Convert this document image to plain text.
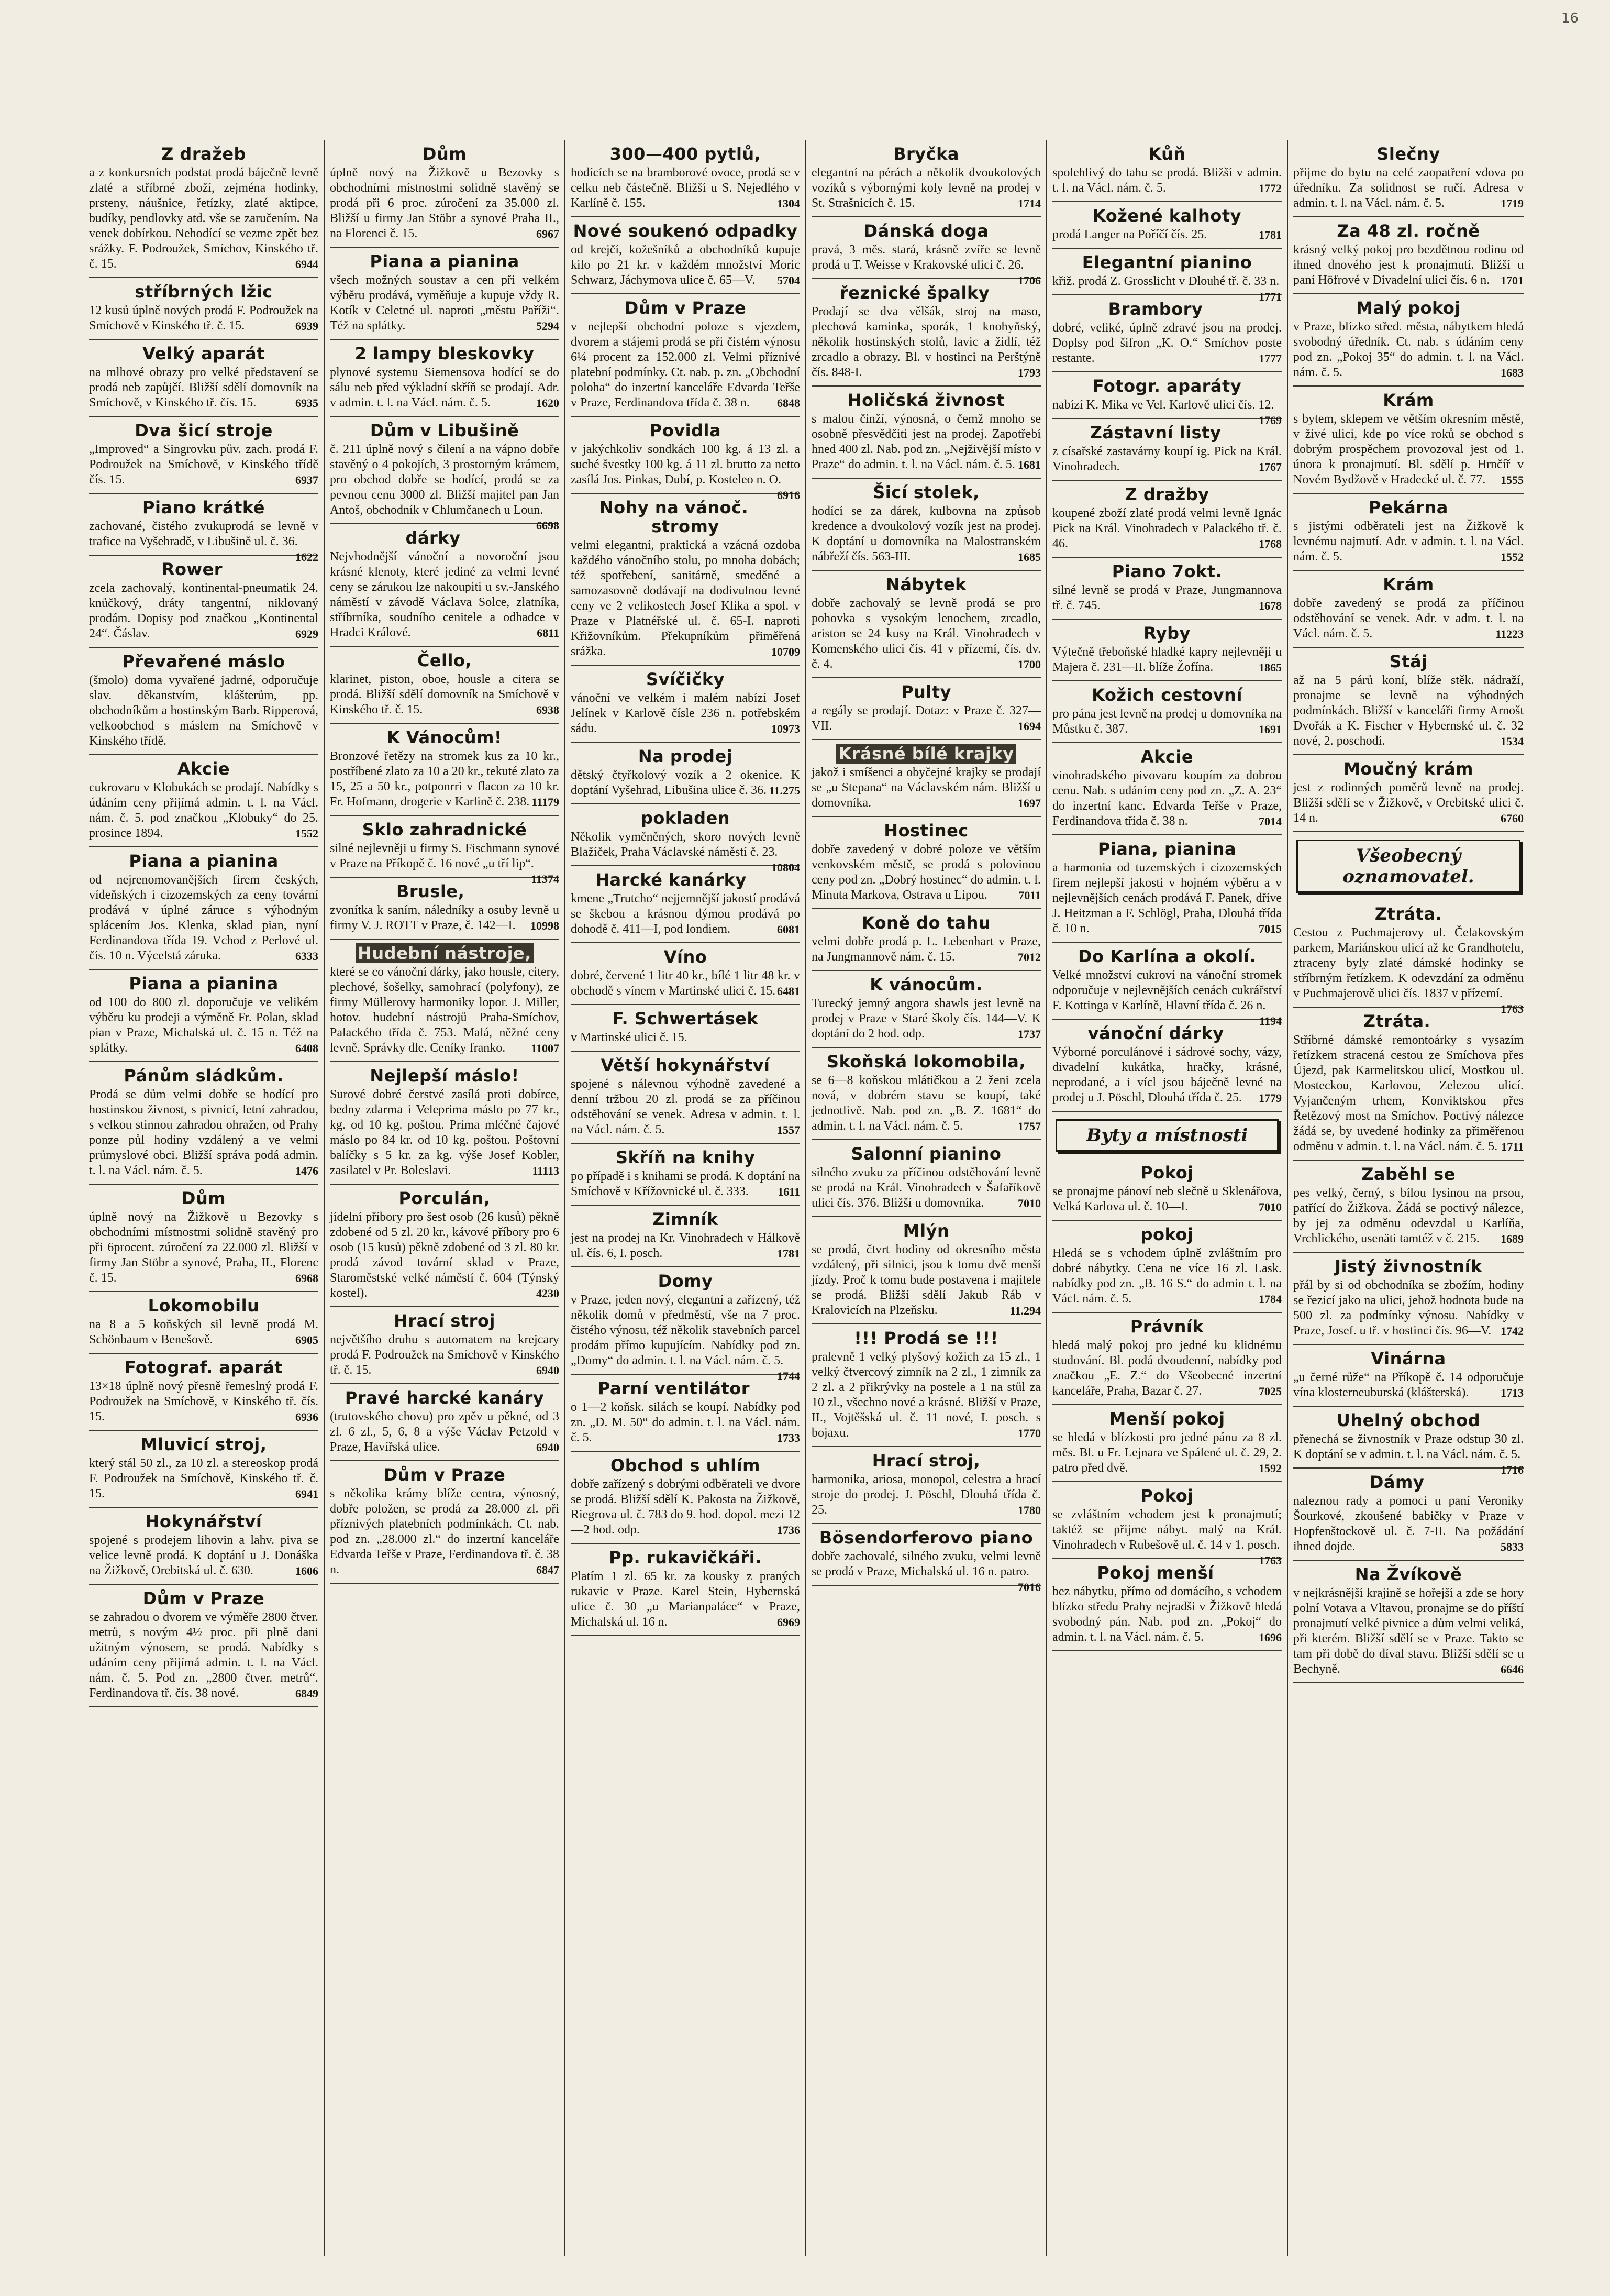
16
Z dražeb

a z konkursních podstat prodá báječně levně zlaté a stříbrné zboží, zejména hodinky, prsteny, náušnice, řetízky, zlaté aktipce, budíky, pendlovky atd. vše se zaručením. Na venek dobírkou. Nehodící se vezme zpět bez srážky. F. Podroužek, Smíchov, Kinského tř. č. 15.	6944

stříbrných lžic

12 kusů úplně nových prodá F. Podroužek na Smíchově v Kinského tř. č. 15.	6939

Velký aparát

na mlhové obrazy pro velké představení se prodá neb zapůjčí. Bližší sdělí domovník na Smíchově, v Kinského tř. čís. 15.	6935

Dva šicí stroje

„Improved“ a Singrovku pův. zach. prodá F. Podroužek na Smíchově, v Kinského třídě čís. 15.	6937

Piano krátké

zachované, čistého zvukuprodá se levně v trafice na Vyšehradě, v Libušině ul. č. 36.
1622

Rower

zcela zachovalý, kontinental-pneumatik 24. knůčkový, dráty tangentní, niklovaný prodám. Dopisy pod značkou „Kontinental 24“. Čáslav.	6929

Převařené máslo

(šmolo) doma vyvařené jadrné, odporučuje slav. děkanstvím, klášterům, pp. obchodníkům a hostinským Barb. Ripperová, velkoobchod s máslem na Smíchově v Kinského třídě.

Akcie

cukrovaru v Klobukách se prodají. Nabídky s údáním ceny přijímá admin. t. l. na Václ. nám. č. 5. pod značkou „Klobuky“ do 25. prosince 1894.	1552

Piana a pianina

od nejrenomovanějších firem českých, vídeňských i cizozemských za ceny tovární prodává v úplné záruce s výhodným splácením Jos. Klenka, sklad pian, nyní Ferdinandova třída 19. Vchod z Perlové ul. čís. 10 n. Výcelstá záruka.	6333

Piana a pianina

od 100 do 800 zl. doporučuje ve velikém výběru ku prodeji a výměně Fr. Polan, sklad pian v Praze, Michalská ul. č. 15 n. Též na splátky.	6408

Pánům sládkům.

Prodá se dům velmi dobře se hodící pro hostinskou živnost, s pivnicí, letní zahradou, s velkou stinnou zahradou ohražen, od Prahy ponze půl hodiny vzdálený a ve velmi průmyslové obci. Bližší správa podá admin. t. l. na Václ. nám. č. 5.	1476

Dům

úplně nový na Žižkově u Bezovky s obchodními místnostmi solidně stavěný pro při 6procent. zúročení za 22.000 zl. Bližší v firmy Jan Stöbr a synové, Praha, II., Florenc č. 15.	6968

Lokomobilu

na 8 a 5 koňských sil levně prodá M. Schönbaum v Benešově.	6905

Fotograf. aparát

13×18 úplně nový přesně řemeslný prodá F. Podroužek na Smíchově, v Kinského tř. čís. 15.	6936

Mluvicí stroj,

který stál 50 zl., za 10 zl. a stereoskop prodá F. Podroužek na Smíchově, Kinského tř. č. 15.	6941

Hokynářství

spojené s prodejem lihovin a lahv. piva se velice levně prodá. K doptání u J. Donáška na Žižkově, Orebitská ul. č. 630.	1606

Dům v Praze

se zahradou o dvorem ve výměře 2800 čtver. metrů, s novým 4½ proc. při plně dani užitným výnosem, se prodá. Nabídky s udáním ceny přijímá admin. t. l. na Václ. nám. č. 5. Pod zn. „2800 čtver. metrů“. Ferdinandova tř. čís. 38 nové.	6849

Dům

úplně nový na Žižkově u Bezovky s obchodními místnostmi solidně stavěný se prodá při 6 proc. zúročení za 35.000 zl. Bližší u firmy Jan Stöbr a synové Praha II., na Florenci č. 15.	6967

Piana a pianina

všech možných soustav a cen při velkém výběru prodává, vyměňuje a kupuje vždy R. Kotík v Celetné ul. naproti „městu Paříži“. Též na splátky.	5294

2 lampy bleskovky

plynové systemu Siemensova hodící se do sálu neb před výkladní skříň se prodají. Adr. v admin. t. l. na Václ. nám. č. 5.	1620

Dům v Libušině

č. 211 úplně nový s čilení a na vápno dobře stavěný o 4 pokojích, 3 prostorným krámem, pro obchod dobře se hodící, prodá se za pevnou cenu 3000 zl. Bližší majitel pan Jan Antoš, obchodník v Chlumčanech u Loun.
6698

dárky

Nejvhodnější vánoční a novoroční jsou krásné klenoty, které jediné za velmi levné ceny se zárukou lze nakoupiti u sv.-Janského náměstí v závodě Václava Solce, zlatníka, stříbrníka, soudního cenitele a odhadce v Hradci Králové.	6811

Čello,

klarinet, piston, oboe, housle a citera se prodá. Bližší sdělí domovník na Smíchově v Kinského tř. č. 15.	6938

K Vánocům!

Bronzové řetězy na stromek kus za 10 kr., postříbené zlato za 10 a 20 kr., tekuté zlato za 15, 25 a 50 kr., potponrri v flacon za 10 kr. Fr. Hofmann, drogerie v Karlině č. 238. 11179

Sklo zahradnické

silné nejlevněji u firmy S. Fischmann synové v Praze na Příkopě č. 16 nové „u tří lip“.
11374

Brusle,

zvonítka k saním, náledníky a osuby levně u firmy V. J. ROTT v Praze, č. 142—I. 10998

Hudební nástroje,

které se co vánoční dárky, jako housle, citery, plechové, šošelky, samohrací (polyfony), ze firmy Müllerovy harmoniky lopor. J. Miller, hotov. hudební nástrojů Praha-Smíchov, Palackého třída č. 753. Malá, něžné ceny levně. Správky dle. Ceníky franko. 11007

Nejlepší máslo!

Surové dobré čerstvé zasílá proti dobírce, bedny zdarma i Veleprima máslo po 77 kr., kg. od 10 kg. poštou. Prima mléčné čajové máslo po 84 kr. od 10 kg. poštou. Poštovní balíčky s 5 kr. za kg. výše Josef Kobler, zasilatel v Pr. Boleslavi.	11113

Porculán,

jídelní příbory pro šest osob (26 kusů) pěkně zdobené od 5 zl. 20 kr., kávové příbory pro 6 osob (15 kusů) pěkně zdobené od 3 zl. 80 kr. prodá závod tovární sklad v Praze, Staroměstské velké náměstí č. 604 (Týnský kostel).	4230

Hrací stroj

největšího druhu s automatem na krejcary prodá F. Podroužek na Smíchově v Kinského tř. č. 15.	6940

Pravé harcké kanáry

(trutovského chovu) pro zpěv u pěkné, od 3 zl. 6 zl., 5, 6, 8 a výše Václav Petzold v Praze, Havířská ulice.	6940

Dům v Praze

s několika krámy blíže centra, výnosný, dobře položen, se prodá za 28.000 zl. při příznivých platebních podmínkách. Ct. nab. pod zn. „28.000 zl.“ do inzertní kanceláře Edvarda Teřše v Praze, Ferdinandova tř. č. 38 n.	6847

300—400 pytlů,

hodících se na bramborové ovoce, prodá se v celku neb částečně. Bližší u S. Nejedlého v Karlíně č. 155.	1304

Nové soukenó odpadky

od krejčí, kožešníků a obchodníků kupuje kilo po 21 kr. v každém množství Moric Schwarz, Jáchymova ulice č. 65—V. 5704

Dům v Praze

v nejlepší obchodní poloze s vjezdem, dvorem a stájemi prodá se při čistém výnosu 6¼ procent za 152.000 zl. Velmi příznivé platební podmínky. Ct. nab. p. zn. „Obchodní poloha“ do inzertní kanceláře Edvarda Teřše v Praze, Ferdinandova třída č. 38 n. 6848

Povidla

v jakýchkoliv sondkách 100 kg. á 13 zl. a suché švestky 100 kg. á 11 zl. brutto za netto zasílá Jos. Pinkas, Dubí, p. Kosteleo n. O.
6916

Nohy na vánoč. stromy

velmi elegantní, praktická a vzácná ozdoba každého vánočního stolu, po mnoha dobách; též spotřebení, sanitárně, smeděné a samozasovně dodávají na dodivulnou levné ceny ve 2 velikostech Josef Klika a spol. v Praze v Platnéřské ul. č. 65-I. naproti Křižovníkům. Překupníkům přiměřená srážka.	10709

Svíčičky

vánoční ve velkém i malém nabízí Josef Jelínek v Karlově čísle 236 n. potřebském sádu.	10973

Na prodej

dětský čtyřkolový vozík a 2 okenice. K doptání Vyšehrad, Libušina ulice č. 36. 11.275

pokladen

Několik vyměněných, skoro nových levně Blažíček, Praha Václavské náměstí č. 23.
10804

Harcké kanárky

kmene „Trutcho“ nejjemnější jakostí prodává se škebou a krásnou dýmou prodává po dohodě č. 411—I, pod londiem.	6081

Víno

dobré, červené 1 litr 40 kr., bílé 1 litr 48 kr. v obchodě s vínem v Martinské ulici č. 15. 6481

F. Schwertásek

v Martinské ulici č. 15.

Větší hokynářství

spojené s nálevnou výhodně zavedené a denní tržbou 20 zl. prodá se za příčinou odstěhování se venek. Adresa v admin. t. l. na Václ. nám. č. 5.	1557

Skříň na knihy

po případě i s knihami se prodá. K doptání na Smíchově v Křížovnické ul. č. 333.	1611

Zimník

jest na prodej na Kr. Vinohradech v Hálkově ul. čís. 6, I. posch.	1781

Domy

v Praze, jeden nový, elegantní a zařízený, též několik domů v předměstí, vše na 7 proc. čistého výnosu, též několik stavebních parcel prodám přímo kupujícím. Nabídky pod zn. „Domy“ do admin. t. l. na Václ. nám. č. 5.
1744

Parní ventilátor

o 1—2 koňsk. silách se koupí. Nabídky pod zn. „D. M. 50“ do admin. t. l. na Václ. nám. č. 5.	1733

Obchod s uhlím

dobře zařízený s dobrými odběrateli ve dvore se prodá. Bližší sdělí K. Pakosta na Žižkově, Riegrova ul. č. 783 do 9. hod. dopol. mezi 12—2 hod. odp.	1736

Pp. rukavičkáři.

Platím 1 zl. 65 kr. za kousky z praných rukavic v Praze. Karel Stein, Hybernská ulice č. 30 „u Marianpaláce“ v Praze, Michalská ul. 16 n.	6969

Bryčka

elegantní na pérách a několik dvoukolových vozíků s výbornými koly levně na prodej v St. Strašnicích č. 15.	1714

Dánská doga

pravá, 3 měs. stará, krásně zvíře se levně prodá u T. Weisse v Krakovské ulici č. 26.
1706

řeznické špalky

Prodají se dva vělšák, stroj na maso, plechová kaminka, sporák, 1 knohyňský, několik hostinských stolů, lavic a židlí, též zrcadlo a obrazy. Bl. v hostinci na Perštýně čís. 848-I.	1793

Holičská živnost

s malou činží, výnosná, o čemž mnoho se osobně přesvědčiti jest na prodej. Zapotřebí hned 400 zl. Nab. pod zn. „Nejživější místo v Praze“ do admin. t. l. na Václ. nám. č. 5. 1681

Šicí stolek,

hodící se za dárek, kulbovna na způsob kredence a dvoukolový vozík jest na prodej. K doptání u domovníka na Malostranském nábřeží čís. 563-III.	1685

Nábytek

dobře zachovalý se levně prodá se pro pohovka s vysokým lenochem, zrcadlo, ariston se 24 kusy na Král. Vinohradech v Komenského ulici čís. 41 v přízemí, čís. dv. č. 4.	1700

Pulty

a regály se prodají. Dotaz: v Praze č. 327—VII.	1694

Krásné bílé krajky

jakož i smíšenci a obyčejné krajky se prodají se „u Stepana“ na Václavském nám. Bližší u domovníka.	1697

Hostinec

dobře zavedený v dobré poloze ve větším venkovském městě, se prodá s polovinou ceny pod zn. „Dobrý hostinec“ do admin. t. l. Minuta Markova, Ostrava u Lipou.	7011

Koně do tahu

velmi dobře prodá p. L. Lebenhart v Praze, na Jungmannově nám. č. 15.	7012

K vánocům.

Turecký jemný angora shawls jest levně na prodej v Praze v Staré školy čís. 144—V. K doptání do 2 hod. odp.	1737

Skoňská lokomobila,

se 6—8 koňskou mlátičkou a 2 ženi zcela nová, v dobrém stavu se koupí, také jednotlivě. Nab. pod zn. „B. Z. 1681“ do admin. t. l. na Václ. nám. č. 5.	1757

Salonní pianino

silného zvuku za příčinou odstěhování levně se prodá na Král. Vinohradech v Šafaříkově ulici čís. 376. Bližší u domovníka.	7010

Mlýn

se prodá, čtvrt hodiny od okresního města vzdálený, při silnici, jsou k tomu dvě menší jízdy. Proč k tomu bude postavena i majitele se prodá. Bližší sdělí Jakub Ráb v Kralovicích na Plzeňsku.	11.294

!!! Prodá se !!!

pralevně 1 velký plyšový kožich za 15 zl., 1 velký čtvercový zimník na 2 zl., 1 zimník za 2 zl. a 2 přikrývky na postele a 1 na stůl za 10 zl., všechno nové a krásné. Bližší v Praze, II., Vojtěšská ul. č. 11 nové, I. posch. s bojaxu.	1770

Hrací stroj,

harmonika, ariosa, monopol, celestra a hrací stroje do prodej. J. Pöschl, Dlouhá třída č. 25.	1780

Bösendorferovo piano

dobře zachovalé, silného zvuku, velmi levně se prodá v Praze, Michalská ul. 16 n. patro.
7016

Kůň

spolehlivý do tahu se prodá. Bližší v admin. t. l. na Václ. nám. č. 5.	1772

Kožené kalhoty

prodá Langer na Poříčí čís. 25.	1781

Elegantní pianino

křiž. prodá Z. Grosslicht v Dlouhé tř. č. 33 n.
1771

Brambory

dobré, veliké, úplně zdravé jsou na prodej. Doplsy pod šifron „K. O.“ Smíchov poste restante.	1777

Fotogr. aparáty

nabízí K. Mika ve Vel. Karlově ulici čís. 12.
1769

Zástavní listy

z císařské zastavárny koupí ig. Pick na Král. Vinohradech.	1767

Z dražby

koupené zboží zlaté prodá velmi levně Ignác Pick na Král. Vinohradech v Palackého tř. č. 46.	1768

Piano 7okt.

silné levně se prodá v Praze, Jungmannova tř. č. 745.	1678

Ryby

Výtečně třeboňské hladké kapry nejlevněji u Majera č. 231—II. blíže Žofína.	1865

Kožich cestovní

pro pána jest levně na prodej u domovníka na Můstku č. 387.	1691

Akcie

vinohradského pivovaru koupím za dobrou cenu. Nab. s udáním ceny pod zn. „Z. A. 23“ do inzertní kanc. Edvarda Teřše v Praze, Ferdinandova třída č. 38 n.	7014

Piana, pianina

a harmonia od tuzemských i cizozemských firem nejlepší jakosti v hojném výběru a v nejlevnějších cenách prodává F. Panek, dříve J. Heitzman a F. Schlögl, Praha, Dlouhá třída č. 10 n.	7015

Do Karlína a okolí.

Velké množství cukroví na vánoční stromek odporučuje v nejlevnějších cenách cukrářství F. Kottinga v Karlíně, Hlavní třída č. 26 n.
1194

vánoční dárky

Výborné porculánové i sádrové sochy, vázy, divadelní kukátka, hračky, krásné, neprodané, a i vícl jsou báječně levné na prodej u J. Pöschl, Dlouhá třída č. 25. 1779

Byty a místnosti
Pokoj

se pronajme pánoví neb slečně u Sklenářova, Velká Karlova ul. č. 10—I.	7010

pokoj

Hledá se s vchodem úplně zvláštním pro dobré nábytky. Cena ne více 16 zl. Lask. nabídky pod zn. „B. 16 S.“ do admin t. l. na Václ. nám. č. 5.	1784

Právník

hledá malý pokoj pro jedné ku klidnému studování. Bl. podá dvoudenní, nabídky pod značkou „E. Z.“ do Všeobecné inzertní kanceláře, Praha, Bazar č. 27.	7025

Menší pokoj

se hledá v blízkosti pro jedné pánu za 8 zl. měs. Bl. u Fr. Lejnara ve Spálené ul. č. 29, 2. patro před dvě.	1592

Pokoj

se zvláštním vchodem jest k pronajmutí; taktéž se přijme nábyt. malý na Král. Vinohradech v Rubešově ul. č. 14 v 1. posch.
1763

Pokoj menší

bez nábytku, přímo od domácího, s vchodem blízko středu Prahy nejradši v Žižkově hledá svobodný pán. Nab. pod zn. „Pokoj“ do admin. t. l. na Václ. nám. č. 5.	1696

Slečny

přijme do bytu na celé zaopatření vdova po úředníku. Za solidnost se ručí. Adresa v admin. t. l. na Václ. nám. č. 5.	1719

Za 48 zl. ročně

krásný velký pokoj pro bezdětnou rodinu od ihned dnového jest k pronajmutí. Bližší u paní Höfrové v Divadelní ulici čís. 6 n. 1701

Malý pokoj

v Praze, blízko střed. města, nábytkem hledá svobodný úředník. Ct. nab. s údáním ceny pod zn. „Pokoj 35“ do admin. t. l. na Václ. nám. č. 5.	1683

Krám

s bytem, sklepem ve větším okresním městě, v živé ulici, kde po více roků se obchod s dobrým prospěchem provozoval jest od 1. února k pronajmutí. Bl. sdělí p. Hrnčíř v Novém Bydžově v Hradecké ul. č. 77. 1555

Pekárna

s jistými odběrateli jest na Žižkově k levnému najmutí. Adr. v admin. t. l. na Václ. nám. č. 5.	1552

Krám

dobře zavedený se prodá za příčinou odstěhování se venek. Adr. v adm. t. l. na Václ. nám. č. 5.	11223

Stáj

až na 5 párů koní, blíže stěk. nádraží, pronajme se levně na výhodných podmínkách. Bližší v kanceláři firmy Arnošt Dvořák a K. Fischer v Hybernské ul. č. 32 nové, 2. poschodí.	1534

Moučný krám

jest z rodinných poměrů levně na prodej. Bližší sdělí se v Žižkově, v Orebitské ulici č. 14 n.	6760

Všeobecný oznamovatel.
Ztráta.

Cestou z Puchmajerovy ul. Čelakovským parkem, Mariánskou ulicí až ke Grandhotelu, ztraceny byly zlaté dámské hodinky se stříbrným řetízkem. K odevzdání za odměnu v Puchmajerově ulici čís. 1837 v přízemí.
1763

Ztráta.

Stříbrné dámské remontoárky s vysazím řetízkem stracená cestou ze Smíchova přes Újezd, pak Karmelitskou ulicí, Mostkou ul. Mosteckou, Karlovou, Zelezou ulicí. Vyjančeným trhem, Konviktskou přes Řetězový most na Smíchov. Poctivý nálezce žádá se, by uvedené hodinky za přiměřenou odměnu v admin. t. l. na Václ. nám. č. 5. 1711

Zaběhl se

pes velký, černý, s bílou lysinou na prsou, patřící do Žižkova. Žádá se poctivý nálezce, by jej za odměnu odevzdal u Karlíňa, Vrchlického, usenäti tamtéž v č. 215. 1689

Jistý živnostník

přál by si od obchodníka se zbožím, hodiny se řezicí jako na ulici, jehož hodnota bude na 500 zl. za podmínky výnosu. Nabídky v Praze, Josef. u tř. v hostinci čís. 96—V. 1742

Vinárna

„u černé růže“ na Příkopě č. 14 odporučuje vína klosterneuburská (klášterská).	1713

Uhelný obchod

přenechá se živnostník v Praze odstup 30 zl. K doptání se v admin. t. l. na Václ. nám. č. 5.
1716

Dámy

naleznou rady a pomoci u paní Veroniky Šourkové, zkoušené babičky v Praze v Hopfenštockově ul. č. 7-II. Na požádání ihned dojde.	5833

Na Žvíkově

v nejkrásnější krajině se hořejší a zde se hory polní Votava a Vltavou, pronajme se do příští pronajmutí velké pivnice a dům velmi veliká, při kterém. Bližší sdělí se v Praze. Takto se tam při době do díval stavu. Bližší sdělí se u Bechyně.	6646
